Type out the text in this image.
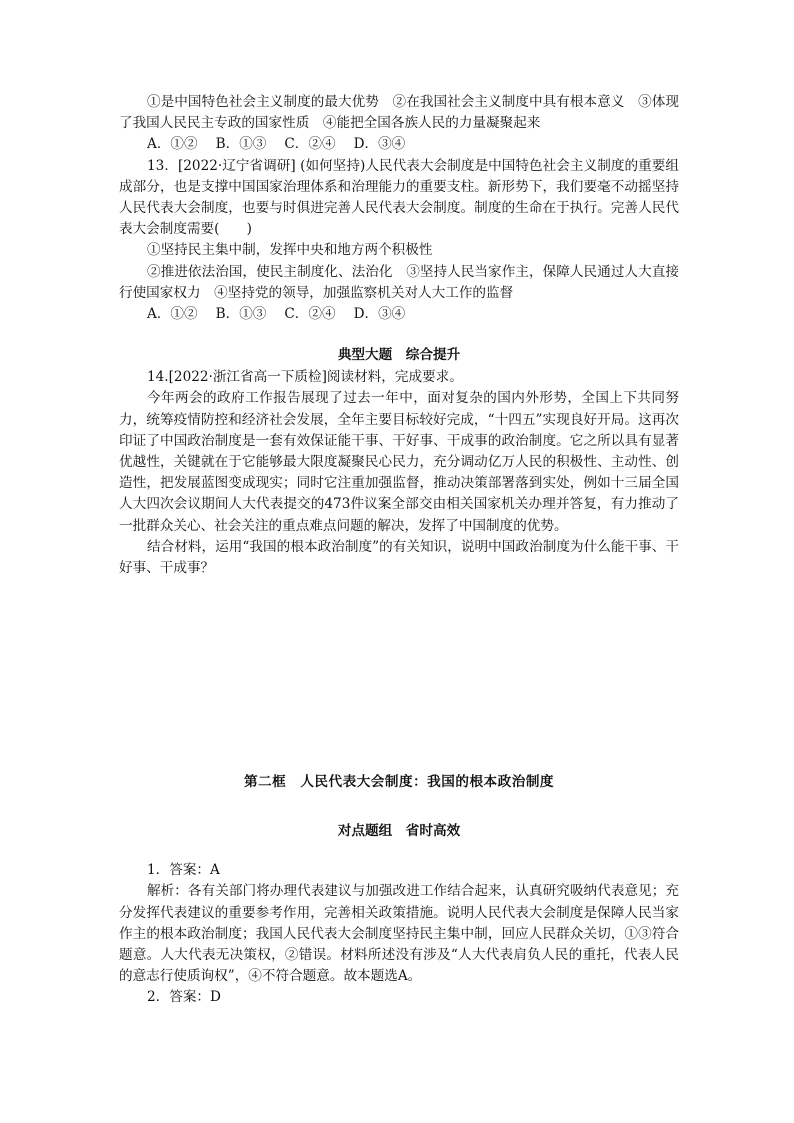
①是中国特色社会主义制度的最大优势　②在我国社会主义制度中具有根本意义　③体现了我国人民民主专政的国家性质　④能把全国各族人民的力量凝聚起来

A．①② B．①③ C．②④ D．③④

13．[2022·辽宁省调研] (如何坚持)人民代表大会制度是中国特色社会主义制度的重要组成部分，也是支撑中国国家治理体系和治理能力的重要支柱。新形势下，我们要毫不动摇坚持人民代表大会制度，也要与时俱进完善人民代表大会制度。制度的生命在于执行。完善人民代表大会制度需要(　　)

①坚持民主集中制，发挥中央和地方两个积极性

②推进依法治国，使民主制度化、法治化　③坚持人民当家作主，保障人民通过人大直接行使国家权力　④坚持党的领导，加强监察机关对人大工作的监督

A．①② B．①③ C．②④ D．③④

典型大题　综合提升

14.[2022·浙江省高一下质检]阅读材料，完成要求。

今年两会的政府工作报告展现了过去一年中，面对复杂的国内外形势，全国上下共同努力，统筹疫情防控和经济社会发展，全年主要目标较好完成，“十四五”实现良好开局。这再次印证了中国政治制度是一套有效保证能干事、干好事、干成事的政治制度。它之所以具有显著优越性，关键就在于它能够最大限度凝聚民心民力，充分调动亿万人民的积极性、主动性、创造性，把发展蓝图变成现实；同时它注重加强监督，推动决策部署落到实处，例如十三届全国人大四次会议期间人大代表提交的473件议案全部交由相关国家机关办理并答复，有力推动了一批群众关心、社会关注的重点难点问题的解决，发挥了中国制度的优势。

结合材料，运用“我国的根本政治制度”的有关知识，说明中国政治制度为什么能干事、干好事、干成事？

第二框　人民代表大会制度：我国的根本政治制度

对点题组　省时高效

1．答案：A

解析：各有关部门将办理代表建议与加强改进工作结合起来，认真研究吸纳代表意见；充分发挥代表建议的重要参考作用，完善相关政策措施。说明人民代表大会制度是保障人民当家作主的根本政治制度；我国人民代表大会制度坚持民主集中制，回应人民群众关切，①③符合题意。人大代表无决策权，②错误。材料所述没有涉及“人大代表肩负人民的重托，代表人民的意志行使质询权”，④不符合题意。故本题选A。

2．答案：D
